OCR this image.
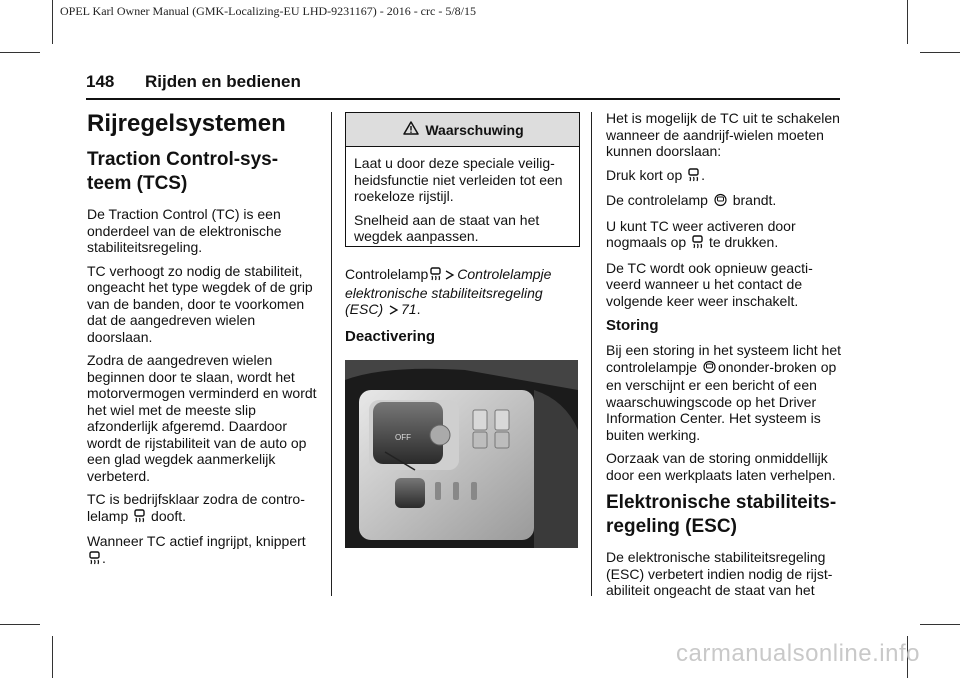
OPEL Karl Owner Manual (GMK-Localizing-EU LHD-9231167) - 2016 - crc - 5/8/15
148 Rijden en bedienen
Rijregelsystemen
Traction Control-sys-teem (TCS)

De Traction Control (TC) is een onderdeel van de elektronische stabiliteitsregeling.

TC verhoogt zo nodig de stabiliteit, ongeacht het type wegdek of de grip van de banden, door te voorkomen dat de aangedreven wielen doorslaan.

Zodra de aangedreven wielen beginnen door te slaan, wordt het motorvermogen verminderd en wordt het wiel met de meeste slip afzonderlijk afgeremd. Daardoor wordt de rijstabiliteit van de auto op een glad wegdek aanmerkelijk verbeterd.

TC is bedrijfsklaar zodra de contro-lelamp dooft.

Wanneer TC actief ingrijpt, knippert .

Waarschuwing

Laat u door deze speciale veilig-heidsfunctie niet verleiden tot een roekeloze rijstijl.

Snelheid aan de staat van het wegdek aanpassen.

Controlelamp Controlelampje elektronische stabiliteitsregeling (ESC) 71.

Deactivering
OFF

Het is mogelijk de TC uit te schakelen wanneer de aandrijf-wielen moeten kunnen doorslaan:

Druk kort op .

De controlelamp brandt.

U kunt TC weer activeren door nogmaals op te drukken.

De TC wordt ook opnieuw geacti-veerd wanneer u het contact de volgende keer weer inschakelt.

Storing

Bij een storing in het systeem licht het controlelampje ononder-broken op en verschijnt er een bericht of een waarschuwingscode op het Driver Information Center. Het systeem is buiten werking.

Oorzaak van de storing onmiddellijk door een werkplaats laten verhelpen.

Elektronische stabiliteits-regeling (ESC)

De elektronische stabiliteitsregeling (ESC) verbetert indien nodig de rijst-abiliteit ongeacht de staat van het

carmanualsonline.info
